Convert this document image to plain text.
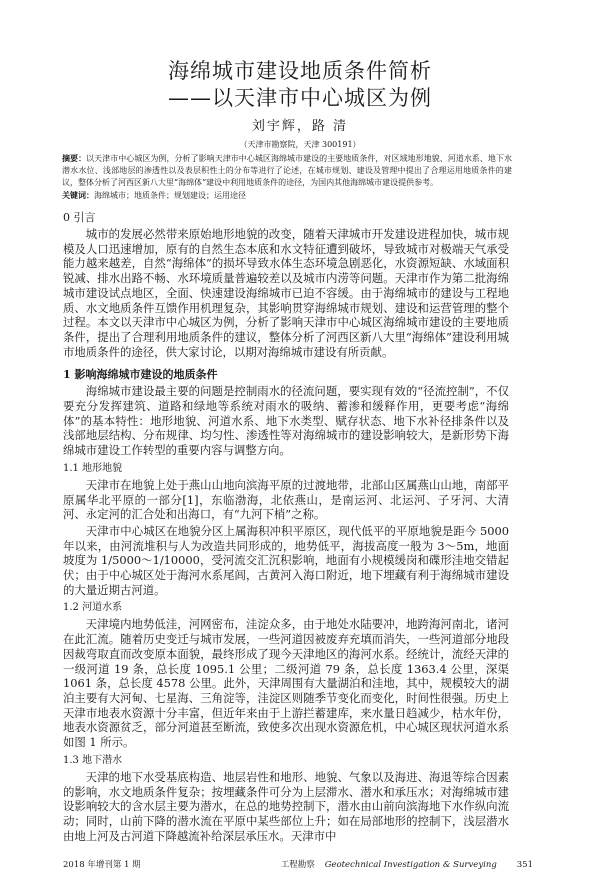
海绵城市建设地质条件简析
——以天津市中心城区为例
刘宇辉，路 清
（天津市勘察院，天津 300191）
摘要：以天津市中心城区为例，分析了影响天津市中心城区海绵城市建设的主要地质条件，对区域地形地貌、河道水系、地下水潜水水位、浅部地层的渗透性以及表层积性土的分布等进行了论述，在城市规划、建设及管理中提出了合理运用地质条件的建议，整体分析了河西区新八大里“海绵体”建设中利用地质条件的途径，为国内其他海绵城市建设提供参考。
关键词：海绵城市；地质条件；规划建设；运用途径
0 引言
城市的发展必然带来原始地形地貌的改变，随着天津城市开发建设进程加快，城市规模及人口迅速增加，原有的自然生态本底和水文特征遭到破坏，导致城市对极端天气承受能力越来越差，自然“海绵体”的损坏导致水体生态环境急剧恶化，水资源短缺、水域面积锐减、排水出路不畅、水环境质量普遍较差以及城市内涝等问题。天津市作为第二批海绵城市建设试点地区，全面、快速建设海绵城市已迫不容缓。由于海绵城市的建设与工程地质、水文地质条件互馈作用机理复杂，其影响贯穿海绵城市规划、建设和运营管理的整个过程。本文以天津市中心城区为例，分析了影响天津市中心城区海绵城市建设的主要地质条件，提出了合理利用地质条件的建议，整体分析了河西区新八大里“海绵体”建设利用城市地质条件的途径，供大家讨论，以期对海绵城市建设有所贡献。
1 影响海绵城市建设的地质条件
海绵城市建设最主要的问题是控制雨水的径流问题，要实现有效的“径流控制”，不仅要充分发挥建筑、道路和绿地等系统对雨水的吸纳、蓄渗和缓释作用，更要考虑“海绵体”的基本特性：地形地貌、河道水系、地下水类型、赋存状态、地下水补径排条件以及浅部地层结构、分布规律、均匀性、渗透性等对海绵城市的建设影响较大，是新形势下海绵城市建设工作转型的重要内容与调整方向。
1.1 地形地貌
天津市在地貌上处于燕山山地向滨海平原的过渡地带，北部山区属燕山山地，南部平原属华北平原的一部分[1]，东临渤海，北依燕山，是南运河、北运河、子牙河、大清河、永定河的汇合处和出海口，有“九河下梢”之称。
天津市中心城区在地貌分区上属海积冲积平原区，现代低平的平原地貌是距今 5000 年以来，由河流堆积与人为改造共同形成的，地势低平，海拔高度一般为 3～5m，地面坡度为 1/5000～1/10000，受河流交汇沉积影响，地面有小规模缓岗和碟形洼地交错起伏；由于中心城区处于海河水系尾闾，古黄河入海口附近，地下埋藏有利于海绵城市建设的大量近期古河道。
1.2 河道水系
天津境内地势低洼，河网密布，洼淀众多，由于地处水陆要冲，地跨海河南北，诸河在此汇流。随着历史变迁与城市发展，一些河道因被废弃充填而消失，一些河道部分地段因裁弯取直而改变原本面貌，最终形成了现今天津地区的海河水系。经统计，流经天津的一级河道 19 条，总长度 1095.1 公里；二级河道 79 条，总长度 1363.4 公里，深渠 1061 条，总长度 4578 公里。此外，天津周围有大量湖泊和洼地，其中，规模较大的湖泊主要有大河甸、七星海、三角淀等，洼淀区则随季节变化而变化，时间性很强。历史上天津市地表水资源十分丰富，但近年来由于上游拦蓄建库，来水量日趋减少，枯水年份，地表水资源贫乏，部分河道甚至断流，致使多次出现水资源危机，中心城区现状河道水系如图 1 所示。
1.3 地下潜水
天津的地下水受基底构造、地层岩性和地形、地貌、气象以及海进、海退等综合因素的影响，水文地质条件复杂；按埋藏条件可分为上层滞水、潜水和承压水；对海绵城市建设影响较大的含水层主要为潜水，在总的地势控制下，潜水由山前向滨海地下水作纵向流动；同时，山前下降的潜水流在平原中某些部位上升；如在局部地形的控制下，浅层潜水由地上河及古河道下降越流补给深层承压水。天津市中
2018 年增刊第 1 期	工程勘察 Geotechnical Investigation & Surveying 351
